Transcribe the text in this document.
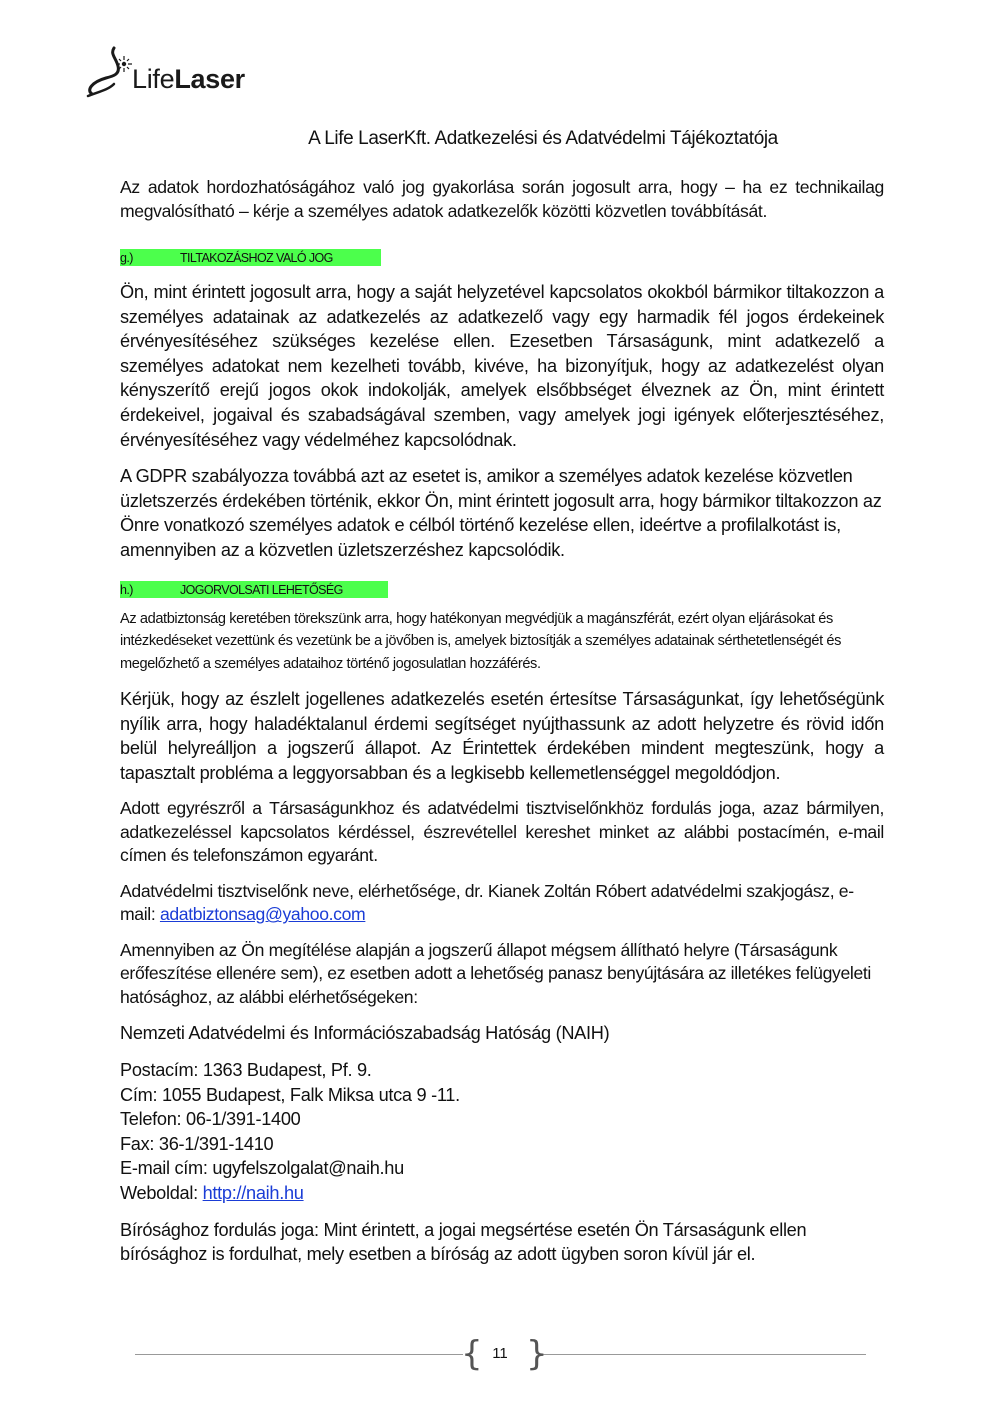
LifeLaser
A Life LaserKft. Adatkezelési és Adatvédelmi Tájékoztatója

Az adatok hordozhatóságához való jog gyakorlása során jogosult arra, hogy – ha ez technikailag megvalósítható – kérje a személyes adatok adatkezelők közötti közvetlen továbbítását.

g.)	TILTAKOZÁSHOZ VALÓ JOG

Ön, mint érintett jogosult arra, hogy a saját helyzetével kapcsolatos okokból bármikor tiltakozzon a személyes adatainak az adatkezelés az adatkezelő vagy egy harmadik fél jogos érdekeinek érvényesítéséhez szükséges kezelése ellen. Ezesetben Társaságunk, mint adatkezelő a személyes adatokat nem kezelheti tovább, kivéve, ha bizonyítjuk, hogy az adatkezelést olyan kényszerítő erejű jogos okok indokolják, amelyek elsőbbséget élveznek az Ön, mint érintett érdekeivel, jogaival és szabadságával szemben, vagy amelyek jogi igények előterjesztéséhez, érvényesítéséhez vagy védelméhez kapcsolódnak.

A GDPR szabályozza továbbá azt az esetet is, amikor a személyes adatok kezelése közvetlen üzletszerzés érdekében történik, ekkor Ön, mint érintett jogosult arra, hogy bármikor tiltakozzon az Önre vonatkozó személyes adatok e célból történő kezelése ellen, ideértve a profilalkotást is, amennyiben az a közvetlen üzletszerzéshez kapcsolódik.

h.)	JOGORVOLSATI LEHETŐSÉG

Az adatbiztonság keretében törekszünk arra, hogy hatékonyan megvédjük a magánszférát, ezért olyan eljárásokat és intézkedéseket vezettünk és vezetünk be a jövőben is, amelyek biztosítják a személyes adatainak sérthetetlenségét és megelőzhető a személyes adataihoz történő jogosulatlan hozzáférés.

Kérjük, hogy az észlelt jogellenes adatkezelés esetén értesítse Társaságunkat, így lehetőségünk nyílik arra, hogy haladéktalanul érdemi segítséget nyújthassunk az adott helyzetre és rövid időn belül helyreálljon a jogszerű állapot. Az Érintettek érdekében mindent megteszünk, hogy a tapasztalt probléma a leggyorsabban és a legkisebb kellemetlenséggel megoldódjon.

Adott egyrészről a Társaságunkhoz és adatvédelmi tisztviselőnkhöz fordulás joga, azaz bármilyen, adatkezeléssel kapcsolatos kérdéssel, észrevétellel kereshet minket az alábbi postacímén, e-mail címen és telefonszámon egyaránt.

Adatvédelmi tisztviselőnk neve, elérhetősége, dr. Kianek Zoltán Róbert adatvédelmi szakjogász, e-mail: adatbiztonsag@yahoo.com

Amennyiben az Ön megítélése alapján a jogszerű állapot mégsem állítható helyre (Társaságunk erőfeszítése ellenére sem), ez esetben adott a lehetőség panasz benyújtására az illetékes felügyeleti hatósághoz, az alábbi elérhetőségeken:

Nemzeti Adatvédelmi és Információszabadság Hatóság (NAIH)

Postacím: 1363 Budapest, Pf. 9.
Cím: 1055 Budapest, Falk Miksa utca 9 -11.
Telefon: 06-1/391-1400
Fax: 36-1/391-1410
E-mail cím: ugyfelszolgalat@naih.hu
Weboldal: http://naih.hu

Bírósághoz fordulás joga: Mint érintett, a jogai megsértése esetén Ön Társaságunk ellen bírósághoz is fordulhat, mely esetben a bíróság az adott ügyben soron kívül jár el.

{ }
11
